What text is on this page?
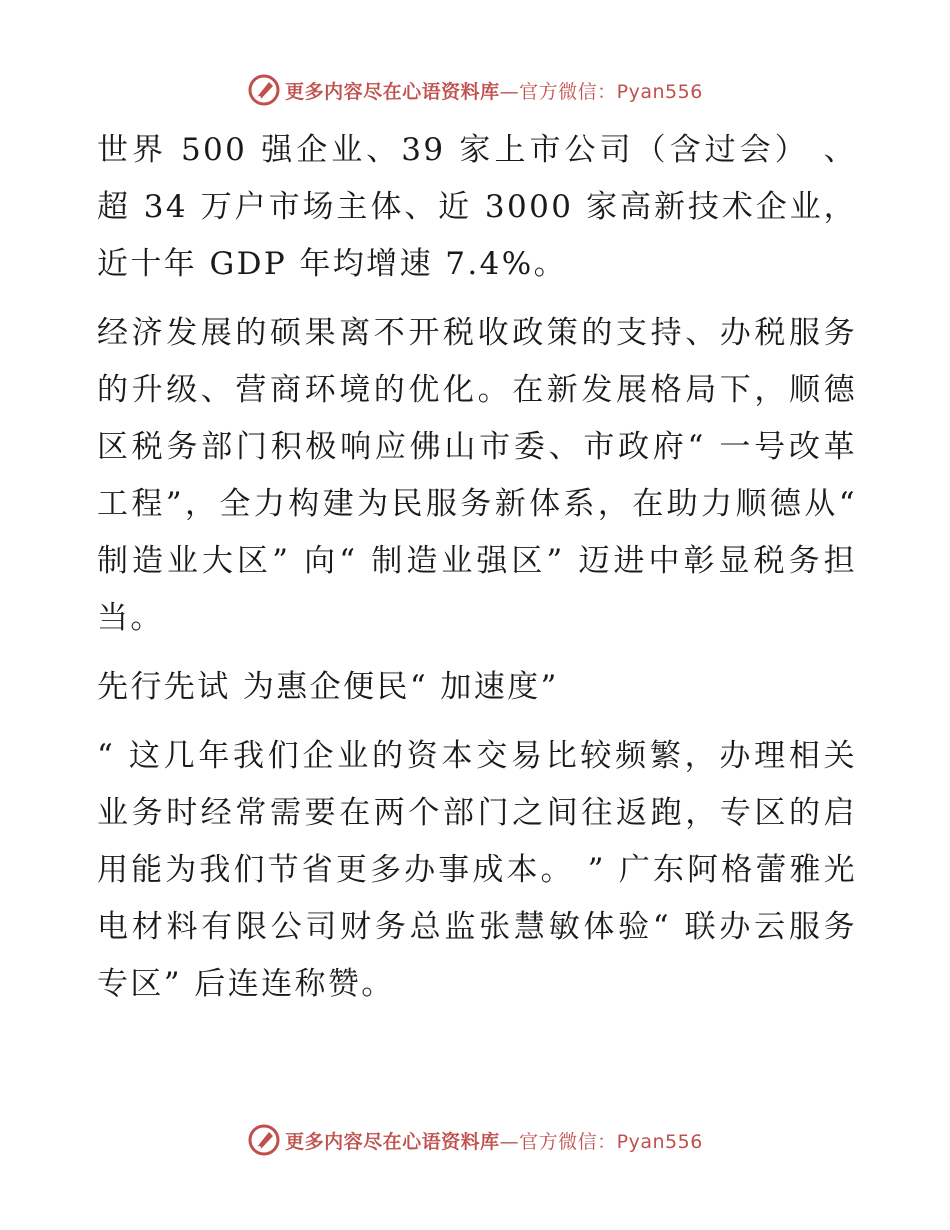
更多内容尽在心语资料库 —官方微信：Pyan556

世界 500 强企业、39 家上市公司（含过会） 、超 34 万户市场主体、近 3000 家高新技术企业，近十年 GDP 年均增速 7.4%。

经济发展的硕果离不开税收政策的支持、办税服务的升级、营商环境的优化。在新发展格局下，顺德区税务部门积极响应佛山市委、市政府“ 一号改革工程”，全力构建为民服务新体系，在助力顺德从“ 制造业大区” 向“ 制造业强区” 迈进中彰显税务担当。

先行先试 为惠企便民“ 加速度”

“ 这几年我们企业的资本交易比较频繁，办理相关业务时经常需要在两个部门之间往返跑，专区的启用能为我们节省更多办事成本。 ” 广东阿格蕾雅光电材料有限公司财务总监张慧敏体验“ 联办云服务专区” 后连连称赞。

更多内容尽在心语资料库 —官方微信：Pyan556
